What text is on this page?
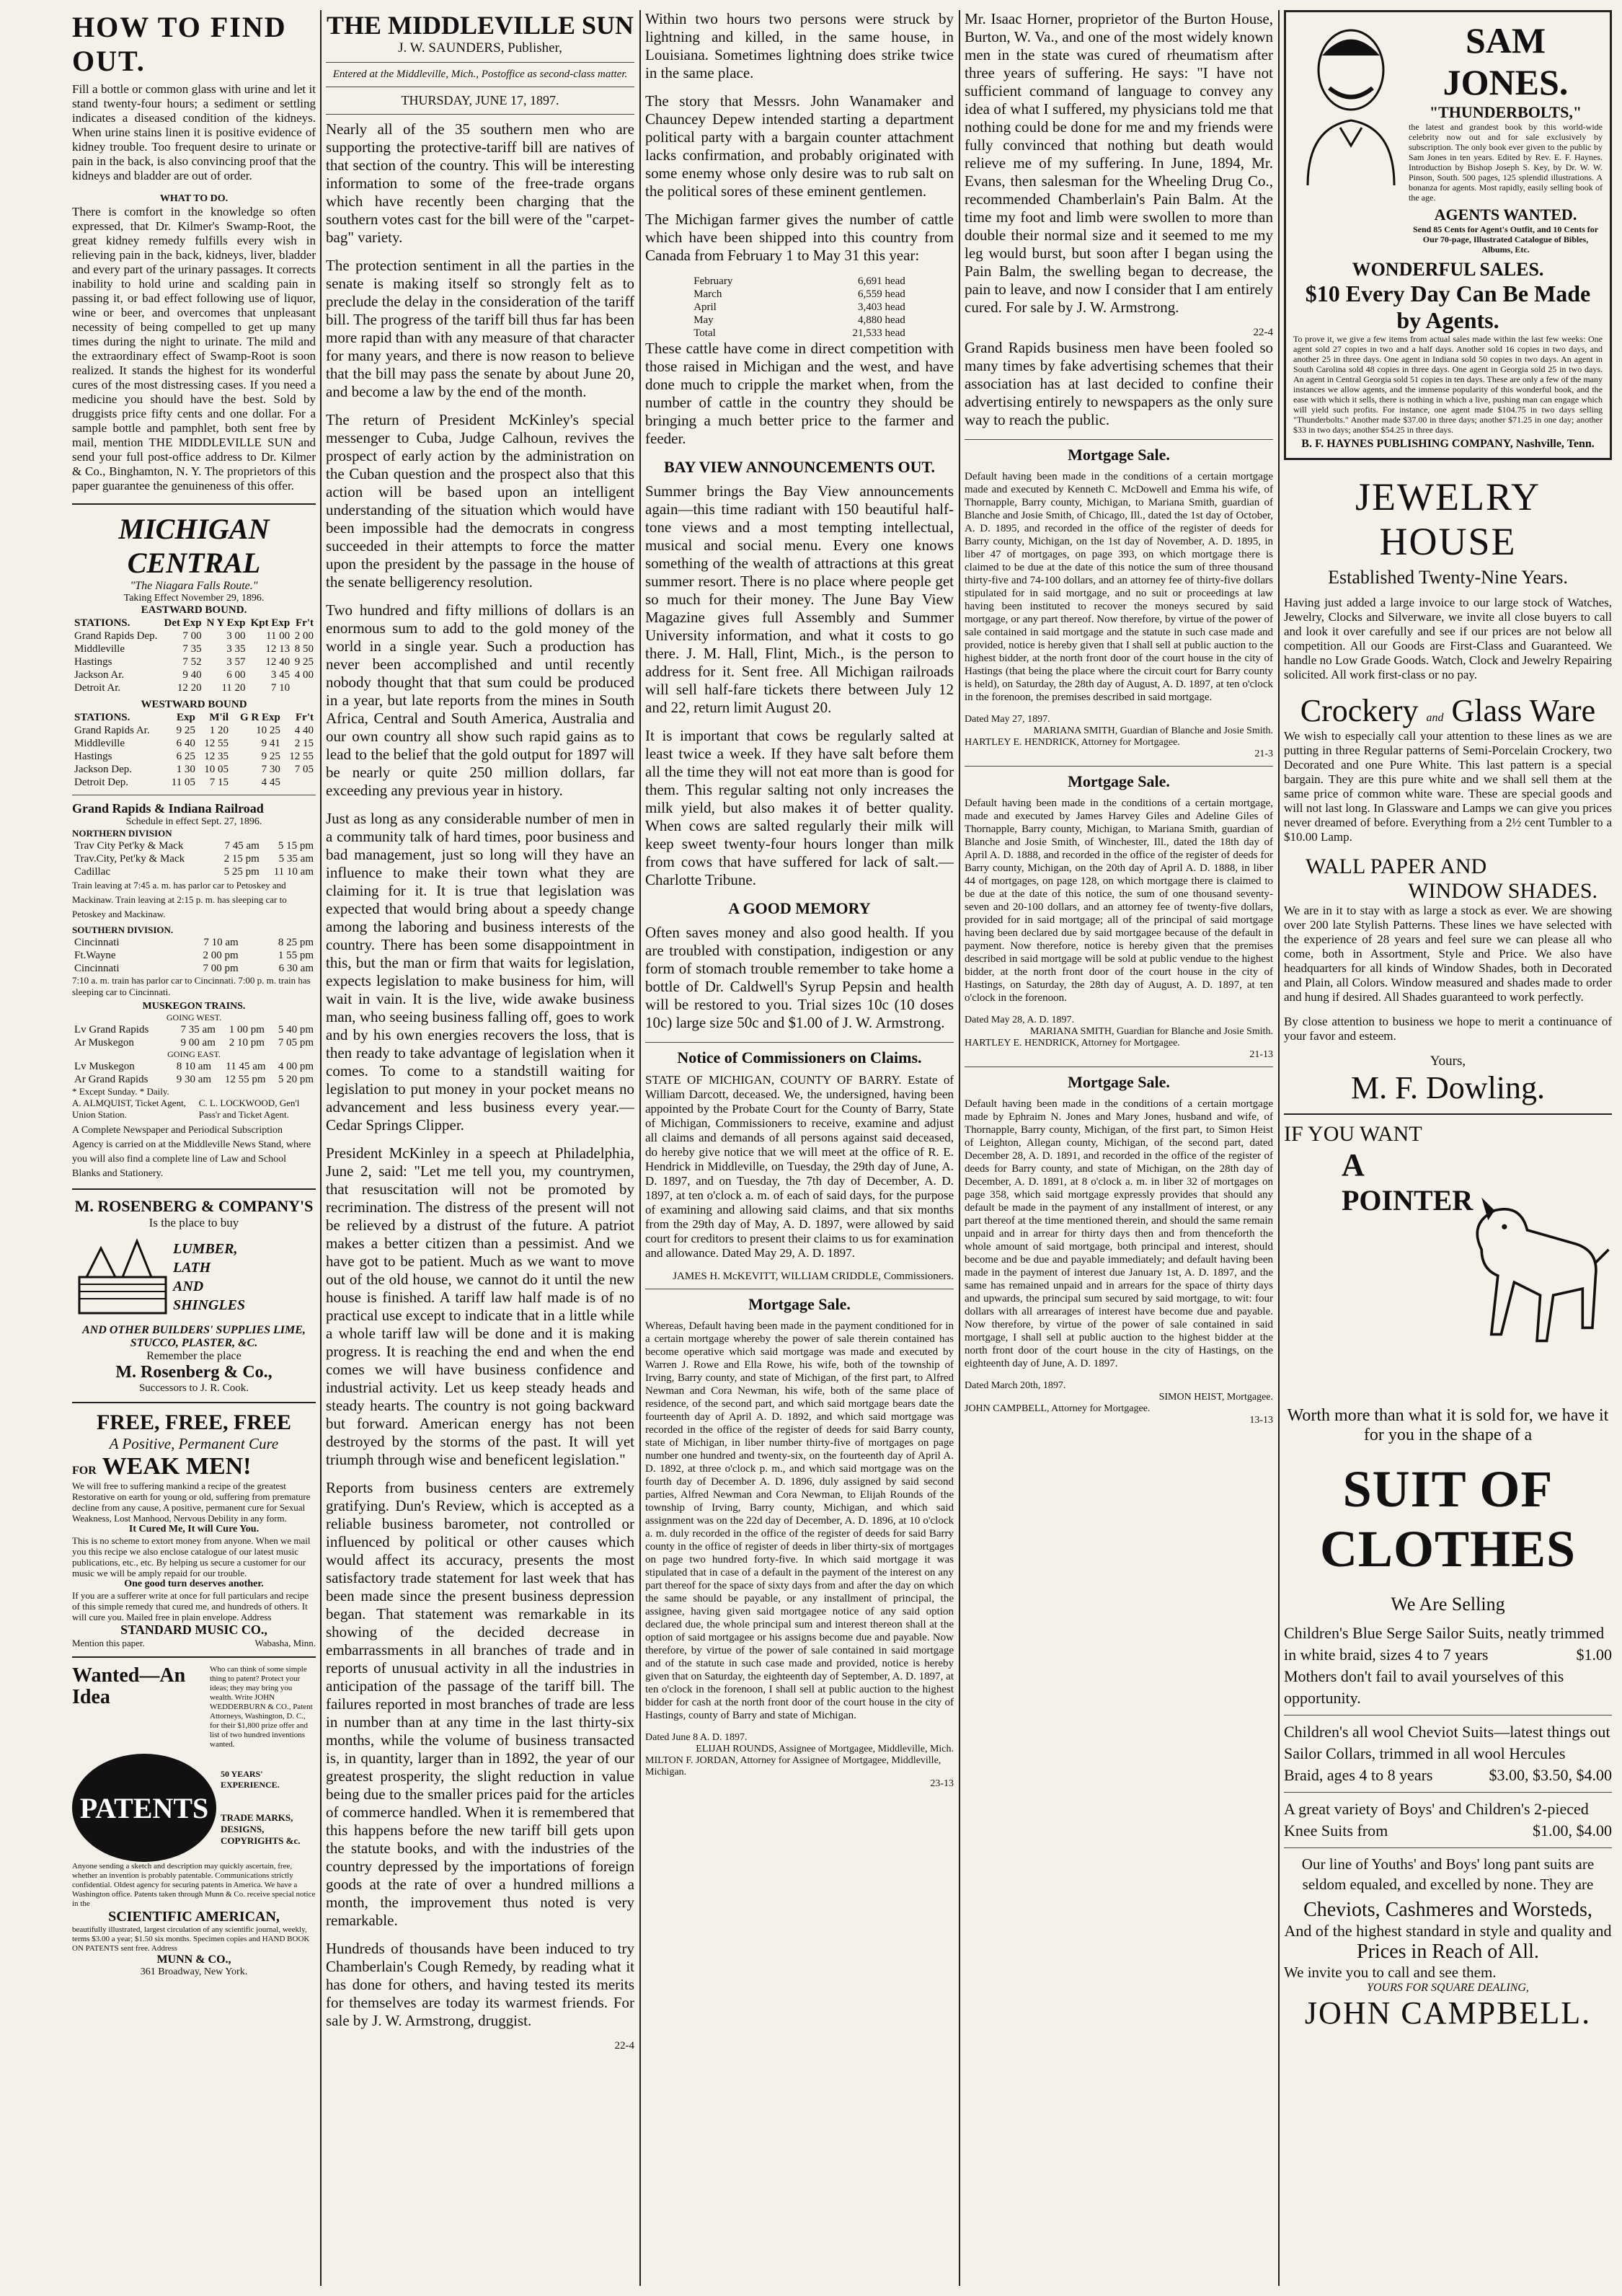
HOW TO FIND OUT.

Fill a bottle or common glass with urine and let it stand twenty-four hours; a sediment or settling indicates a diseased condition of the kidneys. When urine stains linen it is positive evidence of kidney trouble. Too frequent desire to urinate or pain in the back, is also convincing proof that the kidneys and bladder are out of order.

WHAT TO DO.

There is comfort in the knowledge so often expressed, that Dr. Kilmer's Swamp-Root, the great kidney remedy fulfills every wish in relieving pain in the back, kidneys, liver, bladder and every part of the urinary passages. It corrects inability to hold urine and scalding pain in passing it, or bad effect following use of liquor, wine or beer, and overcomes that unpleasant necessity of being compelled to get up many times during the night to urinate. The mild and the extraordinary effect of Swamp-Root is soon realized. It stands the highest for its wonderful cures of the most distressing cases. If you need a medicine you should have the best. Sold by druggists price fifty cents and one dollar. For a sample bottle and pamphlet, both sent free by mail, mention THE MIDDLEVILLE SUN and send your full post-office address to Dr. Kilmer & Co., Binghamton, N. Y. The proprietors of this paper guarantee the genuineness of this offer.

MICHIGAN CENTRAL
"The Niagara Falls Route."
Taking Effect November 29, 1896.
EASTWARD BOUND.
STATIONS.	Det Exp	N Y Exp	Kpt Exp	Fr't
Grand Rapids Dep.	7 00	3 00	11 00	2 00
Middleville	7 35	3 35	12 13	8 50
Hastings	7 52	3 57	12 40	9 25
Jackson Ar.	9 40	6 00	3 45	4 00
Detroit Ar.	12 20	11 20	7 10	
WESTWARD BOUND
STATIONS.	Exp	M'il	G R Exp	Fr't
Grand Rapids Ar.	9 25	1 20	10 25	4 40
Middleville	6 40	12 55	9 41	2 15
Hastings	6 25	12 35	9 25	12 55
Jackson Dep.	1 30	10 05	7 30	7 05
Detroit Dep.	11 05	7 15	4 45	
Grand Rapids & Indiana Railroad
Schedule in effect Sept. 27, 1896.
NORTHERN DIVISION
Trav City Pet'ky & Mack	7 45 am	5 15 pm
Trav.City, Pet'ky & Mack	2 15 pm	5 35 am
Cadillac	5 25 pm	11 10 am
Train leaving at 7:45 a. m. has parlor car to Petoskey and Mackinaw. Train leaving at 2:15 p. m. has sleeping car to Petoskey and Mackinaw.
SOUTHERN DIVISION.
Cincinnati	7 10 am	8 25 pm
Ft.Wayne	2 00 pm	1 55 pm
Cincinnati	7 00 pm	6 30 am
7:10 a. m. train has parlor car to Cincinnati. 7:00 p. m. train has sleeping car to Cincinnati.
MUSKEGON TRAINS.
GOING WEST.
Lv Grand Rapids	7 35 am	1 00 pm	5 40 pm
Ar Muskegon	9 00 am	2 10 pm	7 05 pm
GOING EAST.
Lv Muskegon	8 10 am	11 45 am	4 00 pm
Ar Grand Rapids	9 30 am	12 55 pm	5 20 pm
* Except Sunday. * Daily.
A. ALMQUIST, Ticket Agent, Union Station.
C. L. LOCKWOOD, Gen'l Pass'r and Ticket Agent.
A Complete Newspaper and Periodical Subscription Agency is carried on at the Middleville News Stand, where you will also find a complete line of Law and School Blanks and Stationery.
M. ROSENBERG & COMPANY'S
Is the place to buy
LUMBER,
LATH
AND
SHINGLES
AND OTHER BUILDERS' SUPPLIES LIME, STUCCO, PLASTER, &C.
Remember the place
M. Rosenberg & Co.,
Successors to J. R. Cook.
FREE, FREE, FREE
A Positive, Permanent Cure
FOR WEAK MEN!
We will free to suffering mankind a recipe of the greatest Restorative on earth for young or old, suffering from premature decline from any cause, A positive, permanent cure for Sexual Weakness, Lost Manhood, Nervous Debility in any form.
It Cured Me, It will Cure You.
This is no scheme to extort money from anyone. When we mail you this recipe we also enclose catalogue of our latest music publications, etc., etc. By helping us secure a customer for our music we will be amply repaid for our trouble.
One good turn deserves another.
If you are a sufferer write at once for full particulars and recipe of this simple remedy that cured me, and hundreds of others. It will cure you. Mailed free in plain envelope. Address
STANDARD MUSIC CO.,
Mention this paper.	Wabasha, Minn.
Wanted—An Idea
Who can think of some simple thing to patent? Protect your ideas; they may bring you wealth. Write JOHN WEDDERBURN & CO., Patent Attorneys, Washington, D. C., for their $1,800 prize offer and list of two hundred inventions wanted.
PATENTS
50 YEARS' EXPERIENCE.
TRADE MARKS, DESIGNS, COPYRIGHTS &c.
Anyone sending a sketch and description may quickly ascertain, free, whether an invention is probably patentable. Communications strictly confidential. Oldest agency for securing patents in America. We have a Washington office. Patents taken through Munn & Co. receive special notice in the
SCIENTIFIC AMERICAN,
beautifully illustrated, largest circulation of any scientific journal, weekly, terms $3.00 a year; $1.50 six months. Specimen copies and HAND BOOK ON PATENTS sent free. Address
MUNN & CO.,
361 Broadway, New York.
THE MIDDLEVILLE SUN
J. W. SAUNDERS, Publisher,
Entered at the Middleville, Mich., Postoffice as second-class matter.
THURSDAY, JUNE 17, 1897.

Nearly all of the 35 southern men who are supporting the protective-tariff bill are natives of that section of the country. This will be interesting information to some of the free-trade organs which have recently been charging that the southern votes cast for the bill were of the "carpet-bag" variety.

The protection sentiment in all the parties in the senate is making itself so strongly felt as to preclude the delay in the consideration of the tariff bill. The progress of the tariff bill thus far has been more rapid than with any measure of that character for many years, and there is now reason to believe that the bill may pass the senate by about June 20, and become a law by the end of the month.

The return of President McKinley's special messenger to Cuba, Judge Calhoun, revives the prospect of early action by the administration on the Cuban question and the prospect also that this action will be based upon an intelligent understanding of the situation which would have been impossible had the democrats in congress succeeded in their attempts to force the matter upon the president by the passage in the house of the senate belligerency resolution.

Two hundred and fifty millions of dollars is an enormous sum to add to the gold money of the world in a single year. Such a production has never been accomplished and until recently nobody thought that that sum could be produced in a year, but late reports from the mines in South Africa, Central and South America, Australia and our own country all show such rapid gains as to lead to the belief that the gold output for 1897 will be nearly or quite 250 million dollars, far exceeding any previous year in history.

Just as long as any considerable number of men in a community talk of hard times, poor business and bad management, just so long will they have an influence to make their town what they are claiming for it. It is true that legislation was expected that would bring about a speedy change among the laboring and business interests of the country. There has been some disappointment in this, but the man or firm that waits for legislation, expects legislation to make business for him, will wait in vain. It is the live, wide awake business man, who seeing business falling off, goes to work and by his own energies recovers the loss, that is then ready to take advantage of legislation when it comes. To come to a standstill waiting for legislation to put money in your pocket means no advancement and less business every year.—Cedar Springs Clipper.

President McKinley in a speech at Philadelphia, June 2, said: "Let me tell you, my countrymen, that resuscitation will not be promoted by recrimination. The distress of the present will not be relieved by a distrust of the future. A patriot makes a better citizen than a pessimist. And we have got to be patient. Much as we want to move out of the old house, we cannot do it until the new house is finished. A tariff law half made is of no practical use except to indicate that in a little while a whole tariff law will be done and it is making progress. It is reaching the end and when the end comes we will have business confidence and industrial activity. Let us keep steady heads and steady hearts. The country is not going backward but forward. American energy has not been destroyed by the storms of the past. It will yet triumph through wise and beneficent legislation."

Reports from business centers are extremely gratifying. Dun's Review, which is accepted as a reliable business barometer, not controlled or influenced by political or other causes which would affect its accuracy, presents the most satisfactory trade statement for last week that has been made since the present business depression began. That statement was remarkable in its showing of the decided decrease in embarrassments in all branches of trade and in reports of unusual activity in all the industries in anticipation of the passage of the tariff bill. The failures reported in most branches of trade are less in number than at any time in the last thirty-six months, while the volume of business transacted is, in quantity, larger than in 1892, the year of our greatest prosperity, the slight reduction in value being due to the smaller prices paid for the articles of commerce handled. When it is remembered that this happens before the new tariff bill gets upon the statute books, and with the industries of the country depressed by the importations of foreign goods at the rate of over a hundred millions a month, the improvement thus noted is very remarkable.

Hundreds of thousands have been induced to try Chamberlain's Cough Remedy, by reading what it has done for others, and having tested its merits for themselves are today its warmest friends. For sale by J. W. Armstrong, druggist.

22-4

Within two hours two persons were struck by lightning and killed, in the same house, in Louisiana. Sometimes lightning does strike twice in the same place.

The story that Messrs. John Wanamaker and Chauncey Depew intended starting a department political party with a bargain counter attachment lacks confirmation, and probably originated with some enemy whose only desire was to rub salt on the political sores of these eminent gentlemen.

The Michigan farmer gives the number of cattle which have been shipped into this country from Canada from February 1 to May 31 this year:

February	6,691 head
March	6,559 head
April	3,403 head
May	4,880 head
Total	21,533 head

These cattle have come in direct competition with those raised in Michigan and the west, and have done much to cripple the market when, from the number of cattle in the country they should be bringing a much better price to the farmer and feeder.

BAY VIEW ANNOUNCEMENTS OUT.

Summer brings the Bay View announcements again—this time radiant with 150 beautiful half-tone views and a most tempting intellectual, musical and social menu. Every one knows something of the wealth of attractions at this great summer resort. There is no place where people get so much for their money. The June Bay View Magazine gives full Assembly and Summer University information, and what it costs to go there. J. M. Hall, Flint, Mich., is the person to address for it. Sent free. All Michigan railroads will sell half-fare tickets there between July 12 and 22, return limit August 20.

It is important that cows be regularly salted at least twice a week. If they have salt before them all the time they will not eat more than is good for them. This regular salting not only increases the milk yield, but also makes it of better quality. When cows are salted regularly their milk will keep sweet twenty-four hours longer than milk from cows that have suffered for lack of salt.—Charlotte Tribune.

A GOOD MEMORY

Often saves money and also good health. If you are troubled with constipation, indigestion or any form of stomach trouble remember to take home a bottle of Dr. Caldwell's Syrup Pepsin and health will be restored to you. Trial sizes 10c (10 doses 10c) large size 50c and $1.00 of J. W. Armstrong.

Notice of Commissioners on Claims.

STATE OF MICHIGAN, COUNTY OF BARRY. Estate of William Darcott, deceased. We, the undersigned, having been appointed by the Probate Court for the County of Barry, State of Michigan, Commissioners to receive, examine and adjust all claims and demands of all persons against said deceased, do hereby give notice that we will meet at the office of R. E. Hendrick in Middleville, on Tuesday, the 29th day of June, A. D. 1897, and on Tuesday, the 7th day of December, A. D. 1897, at ten o'clock a. m. of each of said days, for the purpose of examining and allowing said claims, and that six months from the 29th day of May, A. D. 1897, were allowed by said court for creditors to present their claims to us for examination and allowance. Dated May 29, A. D. 1897.

JAMES H. McKEVITT, WILLIAM CRIDDLE, Commissioners.
Mortgage Sale.

Whereas, Default having been made in the payment conditioned for in a certain mortgage whereby the power of sale therein contained has become operative which said mortgage was made and executed by Warren J. Rowe and Ella Rowe, his wife, both of the township of Irving, Barry county, and state of Michigan, of the first part, to Alfred Newman and Cora Newman, his wife, both of the same place of residence, of the second part, and which said mortgage bears date the fourteenth day of April A. D. 1892, and which said mortgage was recorded in the office of the register of deeds for said Barry county, state of Michigan, in liber number thirty-five of mortgages on page number one hundred and twenty-six, on the fourteenth day of April A. D. 1892, at three o'clock p. m., and which said mortgage was on the fourth day of December A. D. 1896, duly assigned by said second parties, Alfred Newman and Cora Newman, to Elijah Rounds of the township of Irving, Barry county, Michigan, and which said assignment was on the 22d day of December, A. D. 1896, at 10 o'clock a. m. duly recorded in the office of the register of deeds for said Barry county in the office of register of deeds in liber thirty-six of mortgages on page two hundred forty-five. In which said mortgage it was stipulated that in case of a default in the payment of the interest on any part thereof for the space of sixty days from and after the day on which the same should be payable, or any installment of principal, the assignee, having given said mortgagee notice of any said option declared due, the whole principal sum and interest thereon shall at the option of said mortgagee or his assigns become due and payable. Now therefore, by virtue of the power of sale contained in said mortgage and of the statute in such case made and provided, notice is hereby given that on Saturday, the eighteenth day of September, A. D. 1897, at ten o'clock in the forenoon, I shall sell at public auction to the highest bidder for cash at the north front door of the court house in the city of Hastings, county of Barry and state of Michigan.

Dated June 8 A. D. 1897.
ELIJAH ROUNDS, Assignee of Mortgagee, Middleville, Mich.
MILTON F. JORDAN, Attorney for Assignee of Mortgagee, Middleville, Michigan.
23-13

Mr. Isaac Horner, proprietor of the Burton House, Burton, W. Va., and one of the most widely known men in the state was cured of rheumatism after three years of suffering. He says: "I have not sufficient command of language to convey any idea of what I suffered, my physicians told me that nothing could be done for me and my friends were fully convinced that nothing but death would relieve me of my suffering. In June, 1894, Mr. Evans, then salesman for the Wheeling Drug Co., recommended Chamberlain's Pain Balm. At the time my foot and limb were swollen to more than double their normal size and it seemed to me my leg would burst, but soon after I began using the Pain Balm, the swelling began to decrease, the pain to leave, and now I consider that I am entirely cured. For sale by J. W. Armstrong.

22-4

Grand Rapids business men have been fooled so many times by fake advertising schemes that their association has at last decided to confine their advertising entirely to newspapers as the only sure way to reach the public.

Mortgage Sale.

Default having been made in the conditions of a certain mortgage made and executed by Kenneth C. McDowell and Emma his wife, of Thornapple, Barry county, Michigan, to Mariana Smith, guardian of Blanche and Josie Smith, of Chicago, Ill., dated the 1st day of October, A. D. 1895, and recorded in the office of the register of deeds for Barry county, Michigan, on the 1st day of November, A. D. 1895, in liber 47 of mortgages, on page 393, on which mortgage there is claimed to be due at the date of this notice the sum of three thousand thirty-five and 74-100 dollars, and an attorney fee of thirty-five dollars stipulated for in said mortgage, and no suit or proceedings at law having been instituted to recover the moneys secured by said mortgage, or any part thereof. Now therefore, by virtue of the power of sale contained in said mortgage and the statute in such case made and provided, notice is hereby given that I shall sell at public auction to the highest bidder, at the north front door of the court house in the city of Hastings (that being the place where the circuit court for Barry county is held), on Saturday, the 28th day of August, A. D. 1897, at ten o'clock in the forenoon, the premises described in said mortgage.

Dated May 27, 1897.
MARIANA SMITH, Guardian of Blanche and Josie Smith.
HARTLEY E. HENDRICK, Attorney for Mortgagee.
21-3
Mortgage Sale.

Default having been made in the conditions of a certain mortgage, made and executed by James Harvey Giles and Adeline Giles of Thornapple, Barry county, Michigan, to Mariana Smith, guardian of Blanche and Josie Smith, of Winchester, Ill., dated the 18th day of April A. D. 1888, and recorded in the office of the register of deeds for Barry county, Michigan, on the 20th day of April A. D. 1888, in liber 44 of mortgages, on page 128, on which mortgage there is claimed to be due at the date of this notice, the sum of one thousand seventy-seven and 20-100 dollars, and an attorney fee of twenty-five dollars, provided for in said mortgage; all of the principal of said mortgage having been declared due by said mortgagee because of the default in payment. Now therefore, notice is hereby given that the premises described in said mortgage will be sold at public vendue to the highest bidder, at the north front door of the court house in the city of Hastings, on Saturday, the 28th day of August, A. D. 1897, at ten o'clock in the forenoon.

Dated May 28, A. D. 1897.
MARIANA SMITH, Guardian for Blanche and Josie Smith.
HARTLEY E. HENDRICK, Attorney for Mortgagee.
21-13
Mortgage Sale.

Default having been made in the conditions of a certain mortgage made by Ephraim N. Jones and Mary Jones, husband and wife, of Thornapple, Barry county, Michigan, of the first part, to Simon Heist of Leighton, Allegan county, Michigan, of the second part, dated December 28, A. D. 1891, and recorded in the office of the register of deeds for Barry county, and state of Michigan, on the 28th day of December, A. D. 1891, at 8 o'clock a. m. in liber 32 of mortgages on page 358, which said mortgage expressly provides that should any default be made in the payment of any installment of interest, or any part thereof at the time mentioned therein, and should the same remain unpaid and in arrear for thirty days then and from thenceforth the whole amount of said mortgage, both principal and interest, should become and be due and payable immediately; and default having been made in the payment of interest due January 1st, A. D. 1897, and the same has remained unpaid and in arrears for the space of thirty days and upwards, the principal sum secured by said mortgage, to wit: four dollars with all arrearages of interest have become due and payable. Now therefore, by virtue of the power of sale contained in said mortgage, I shall sell at public auction to the highest bidder at the north front door of the court house in the city of Hastings, on the eighteenth day of June, A. D. 1897.

Dated March 20th, 1897.
SIMON HEIST, Mortgagee.
JOHN CAMPBELL, Attorney for Mortgagee.
13-13
SAM JONES.
"THUNDERBOLTS,"
the latest and grandest book by this world-wide celebrity now out and for sale exclusively by subscription. The only book ever given to the public by Sam Jones in ten years. Edited by Rev. E. F. Haynes. Introduction by Bishop Joseph S. Key, by Dr. W. W. Pinson, South. 500 pages, 125 splendid illustrations. A bonanza for agents. Most rapidly, easily selling book of the age.
AGENTS WANTED.
Send 85 Cents for Agent's Outfit, and 10 Cents for Our 70-page, Illustrated Catalogue of Bibles, Albums, Etc.
WONDERFUL SALES.
$10 Every Day Can Be Made by Agents.
To prove it, we give a few items from actual sales made within the last few weeks: One agent sold 27 copies in two and a half days. Another sold 16 copies in two days, and another 25 in three days. One agent in Indiana sold 50 copies in two days. An agent in South Carolina sold 48 copies in three days. One agent in Georgia sold 25 in two days. An agent in Central Georgia sold 51 copies in ten days. These are only a few of the many instances we allow agents, and the immense popularity of this wonderful book, and the ease with which it sells, there is nothing in which a live, pushing man can engage which will yield such profits. For instance, one agent made $104.75 in two days selling "Thunderbolts." Another made $37.00 in three days; another $71.25 in one day; another $33 in two days; another $54.25 in three days.
B. F. HAYNES PUBLISHING COMPANY, Nashville, Tenn.
JEWELRY HOUSE
Established Twenty-Nine Years.

Having just added a large invoice to our large stock of Watches, Jewelry, Clocks and Silverware, we invite all close buyers to call and look it over carefully and see if our prices are not below all competition. All our Goods are First-Class and Guaranteed. We handle no Low Grade Goods. Watch, Clock and Jewelry Repairing solicited. All work first-class or no pay.

Crockery and Glass Ware

We wish to especially call your attention to these lines as we are putting in three Regular patterns of Semi-Porcelain Crockery, two Decorated and one Pure White. This last pattern is a special bargain. They are this pure white and we shall sell them at the same price of common white ware. These are special goods and will not last long. In Glassware and Lamps we can give you prices never dreamed of before. Everything from a 2½ cent Tumbler to a $10.00 Lamp.

WALL PAPER AND
WINDOW SHADES.

We are in it to stay with as large a stock as ever. We are showing over 200 late Stylish Patterns. These lines we have selected with the experience of 28 years and feel sure we can please all who come, both in Assortment, Style and Price. We also have headquarters for all kinds of Window Shades, both in Decorated and Plain, all Colors. Window measured and shades made to order and hung if desired. All Shades guaranteed to work perfectly.

By close attention to business we hope to merit a continuance of your favor and esteem.

Yours,
M. F. Dowling.
IF YOU WANT
A
POINTER
Worth more than what it is sold for, we have it for you in the shape of a
SUIT OF CLOTHES
We Are Selling
Children's Blue Serge Sailor Suits, neatly trimmed
in white braid, sizes 4 to 7 years	$1.00
Mothers don't fail to avail yourselves of this opportunity.
Children's all wool Cheviot Suits—latest things out
Sailor Collars, trimmed in all wool Hercules
Braid, ages 4 to 8 years	$3.00, $3.50, $4.00
A great variety of Boys' and Children's 2-pieced
Knee Suits from	$1.00, $4.00
Our line of Youths' and Boys' long pant suits are seldom equaled, and excelled by none. They are
Cheviots, Cashmeres and Worsteds,
And of the highest standard in style and quality and
Prices in Reach of All.
We invite you to call and see them.
YOURS FOR SQUARE DEALING,
JOHN CAMPBELL.
